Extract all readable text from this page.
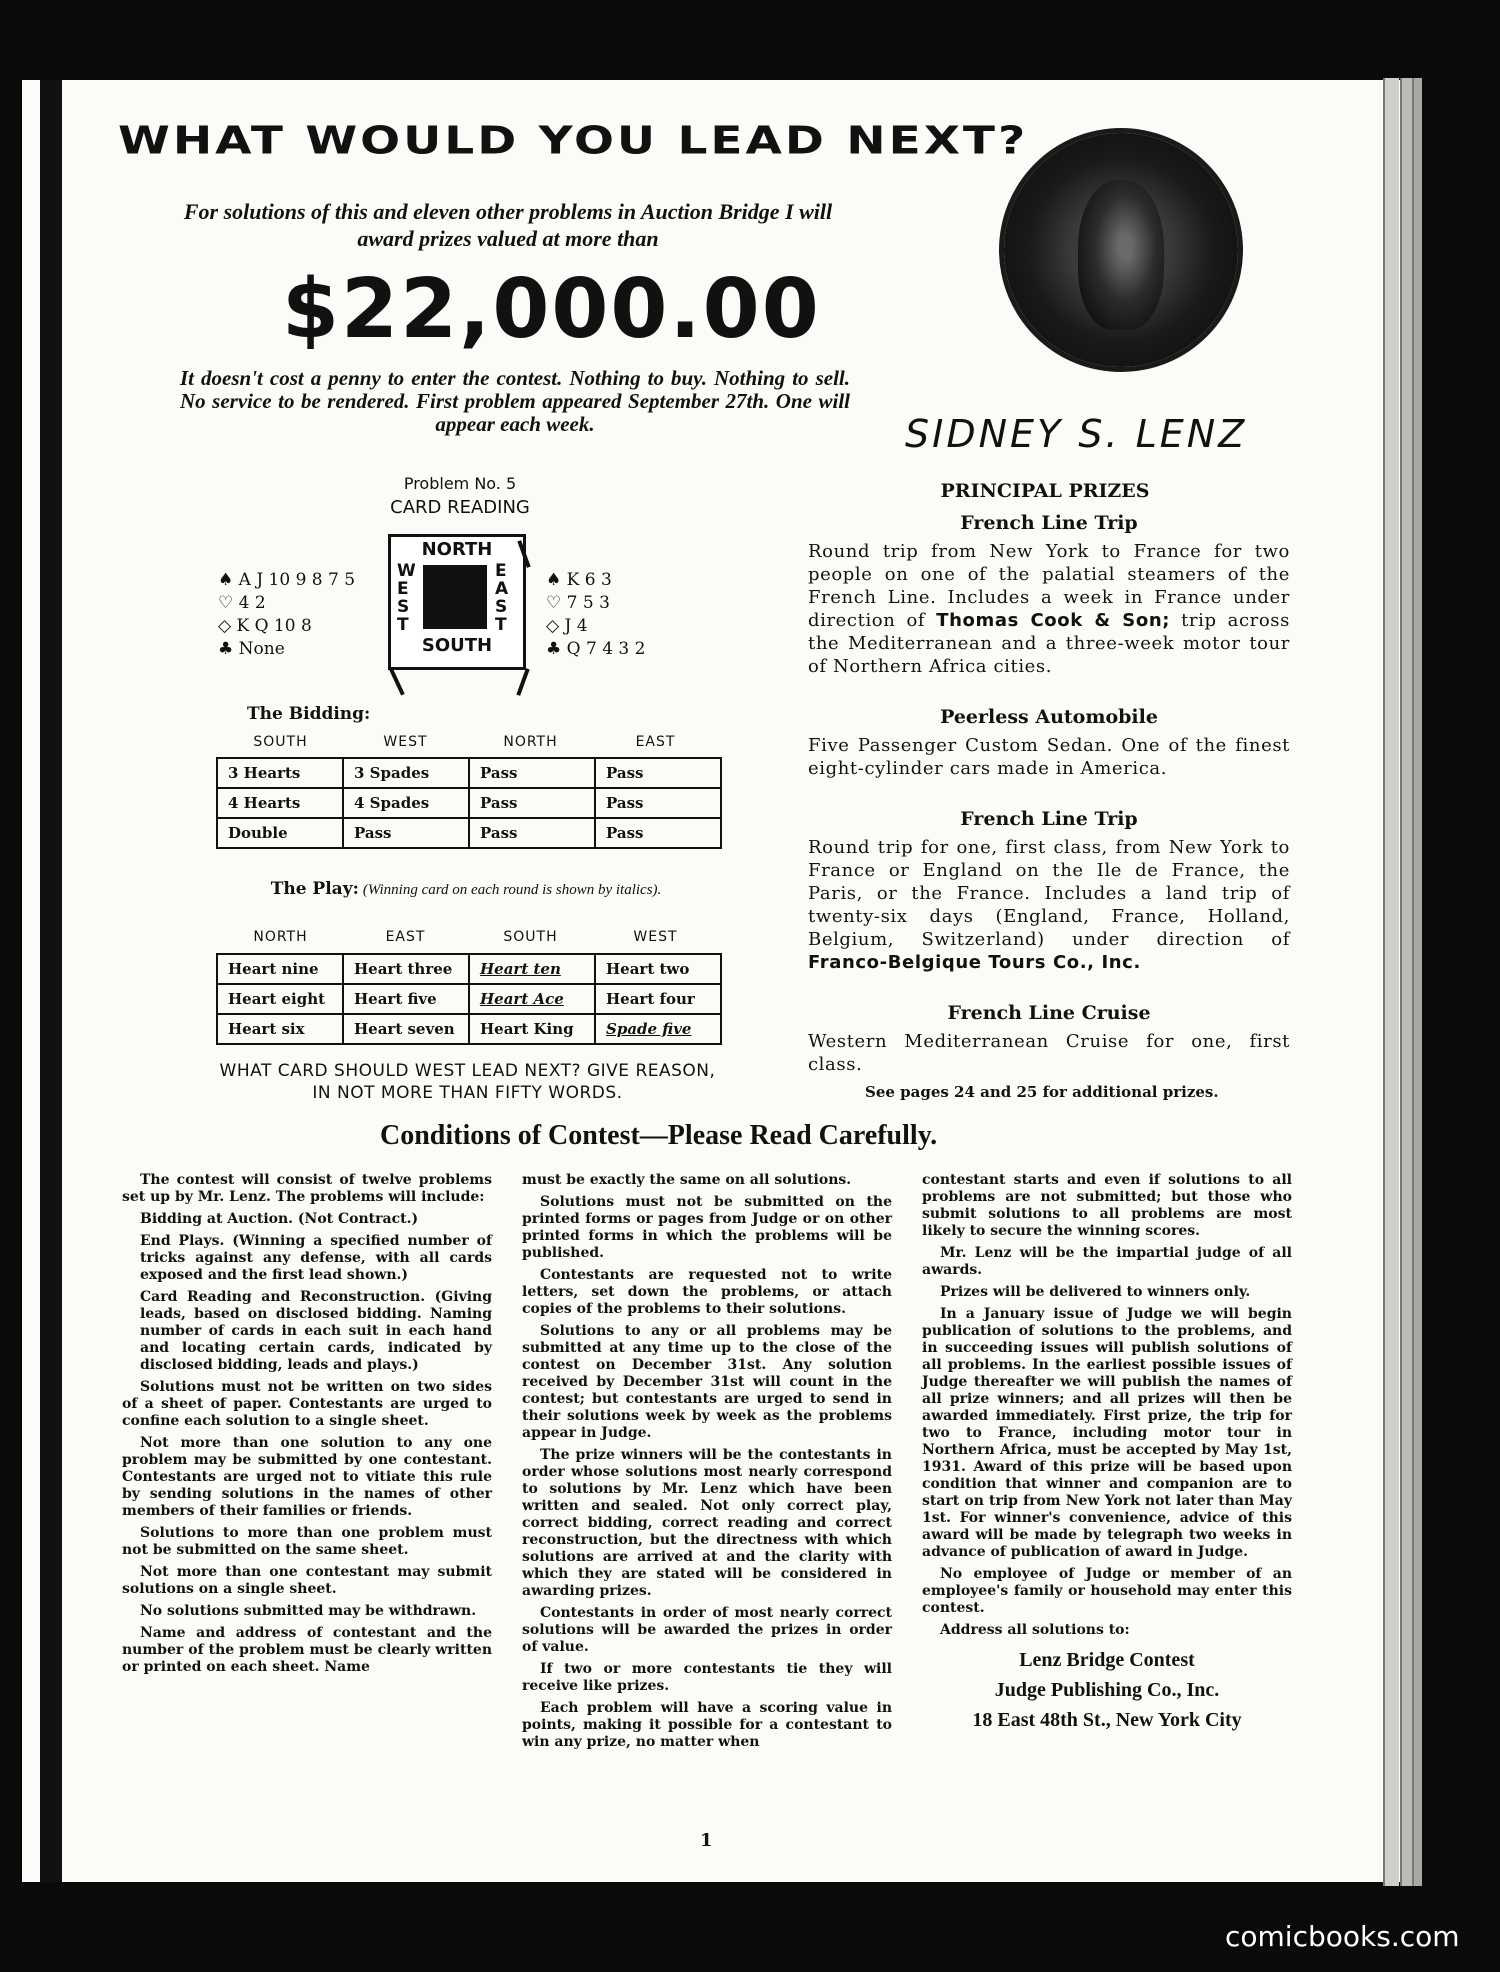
WHAT WOULD YOU LEAD NEXT?
For solutions of this and eleven other problems in Auction Bridge I will award prizes valued at more than
$22,000.00
It doesn't cost a penny to enter the contest. Nothing to buy. Nothing to sell. No service to be rendered. First problem appeared September 27th. One will appear each week.	SIDNEY S. LENZ
Problem No. 5
CARD READING
♠ A J 10 9 8 7 5
♡ 4 2
◇ K Q 10 8
♣ None
NORTH
SOUTH
W
E
S
T
E
A
S
T
♠ K 6 3
♡ 7 5 3
◇ J 4
♣ Q 7 4 3 2
The Bidding:
SOUTH	WEST	NORTH	EAST
3 Hearts	3 Spades	Pass	Pass
4 Hearts	4 Spades	Pass	Pass
Double	Pass	Pass	Pass
The Play: (Winning card on each round is shown by italics).
NORTH	EAST	SOUTH	WEST
Heart nine	Heart three	Heart ten	Heart two
Heart eight	Heart five	Heart Ace	Heart four
Heart six	Heart seven	Heart King	Spade five
WHAT CARD SHOULD WEST LEAD NEXT? GIVE REASON, IN NOT MORE THAN FIFTY WORDS.
PRINCIPAL PRIZES
French Line Trip
Round trip from New York to France for two people on one of the palatial steamers of the French Line. Includes a week in France under direction of Thomas Cook & Son; trip across the Mediterranean and a three-week motor tour of Northern Africa cities.
Peerless Automobile
Five Passenger Custom Sedan. One of the finest eight-cylinder cars made in America.
French Line Trip
Round trip for one, first class, from New York to France or England on the Ile de France, the Paris, or the France. Includes a land trip of twenty-six days (England, France, Holland, Belgium, Switzerland) under direction of Franco-Belgique Tours Co., Inc.
French Line Cruise
Western Mediterranean Cruise for one, first class.
See pages 24 and 25 for additional prizes.
Conditions of Contest—Please Read Carefully.

The contest will consist of twelve problems set up by Mr. Lenz. The problems will include:

Bidding at Auction. (Not Contract.)

End Plays. (Winning a specified number of tricks against any defense, with all cards exposed and the first lead shown.)

Card Reading and Reconstruction. (Giving leads, based on disclosed bidding. Naming number of cards in each suit in each hand and locating certain cards, indicated by disclosed bidding, leads and plays.)

Solutions must not be written on two sides of a sheet of paper. Contestants are urged to confine each solution to a single sheet.

Not more than one solution to any one problem may be submitted by one contestant. Contestants are urged not to vitiate this rule by sending solutions in the names of other members of their families or friends.

Solutions to more than one problem must not be submitted on the same sheet.

Not more than one contestant may submit solutions on a single sheet.

No solutions submitted may be withdrawn.

Name and address of contestant and the number of the problem must be clearly written or printed on each sheet. Name

must be exactly the same on all solutions.

Solutions must not be submitted on the printed forms or pages from Judge or on other printed forms in which the problems will be published.

Contestants are requested not to write letters, set down the problems, or attach copies of the problems to their solutions.

Solutions to any or all problems may be submitted at any time up to the close of the contest on December 31st. Any solution received by December 31st will count in the contest; but contestants are urged to send in their solutions week by week as the problems appear in Judge.

The prize winners will be the contestants in order whose solutions most nearly correspond to solutions by Mr. Lenz which have been written and sealed. Not only correct play, correct bidding, correct reading and correct reconstruction, but the directness with which solutions are arrived at and the clarity with which they are stated will be considered in awarding prizes.

Contestants in order of most nearly correct solutions will be awarded the prizes in order of value.

If two or more contestants tie they will receive like prizes.

Each problem will have a scoring value in points, making it possible for a contestant to win any prize, no matter when

contestant starts and even if solutions to all problems are not submitted; but those who submit solutions to all problems are most likely to secure the winning scores.

Mr. Lenz will be the impartial judge of all awards.

Prizes will be delivered to winners only.

In a January issue of Judge we will begin publication of solutions to the problems, and in succeeding issues will publish solutions of all problems. In the earliest possible issues of Judge thereafter we will publish the names of all prize winners; and all prizes will then be awarded immediately. First prize, the trip for two to France, including motor tour in Northern Africa, must be accepted by May 1st, 1931. Award of this prize will be based upon condition that winner and companion are to start on trip from New York not later than May 1st. For winner's convenience, advice of this award will be made by telegraph two weeks in advance of publication of award in Judge.

No employee of Judge or member of an employee's family or household may enter this contest.

Address all solutions to:

Lenz Bridge Contest
Judge Publishing Co., Inc.
18 East 48th St., New York City
1
comicbooks.com
